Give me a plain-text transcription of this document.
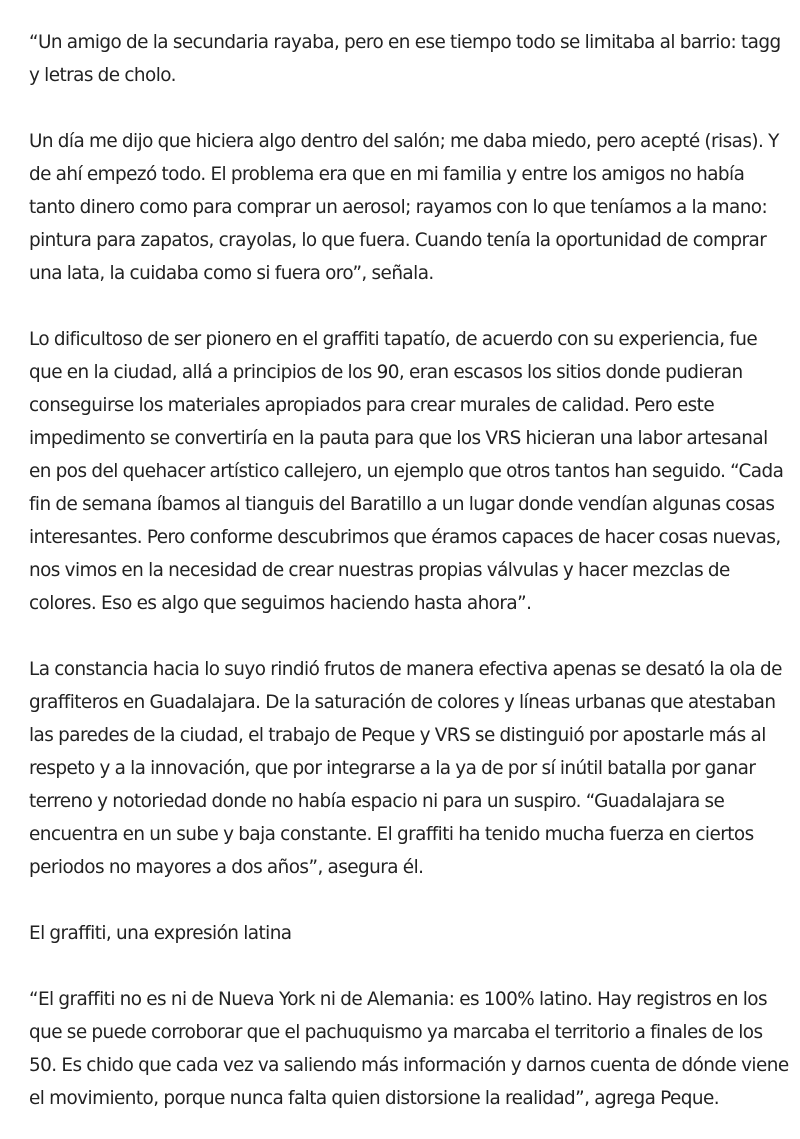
“Un amigo de la secundaria rayaba, pero en ese tiempo todo se limitaba al barrio: tagg y letras de cholo.

Un día me dijo que hiciera algo dentro del salón; me daba miedo, pero acepté (risas). Y de ahí empezó todo. El problema era que en mi familia y entre los amigos no había tanto dinero como para comprar un aerosol; rayamos con lo que teníamos a la mano: pintura para zapatos, crayolas, lo que fuera. Cuando tenía la oportunidad de comprar una lata, la cuidaba como si fuera oro”, señala.

Lo dificultoso de ser pionero en el graffiti tapatío, de acuerdo con su experiencia, fue que en la ciudad, allá a principios de los 90, eran escasos los sitios donde pudieran conseguirse los materiales apropiados para crear murales de calidad. Pero este impedimento se convertiría en la pauta para que los VRS hicieran una labor artesanal en pos del quehacer artístico callejero, un ejemplo que otros tantos han seguido. “Cada fin de semana íbamos al tianguis del Baratillo a un lugar donde vendían algunas cosas interesantes. Pero conforme descubrimos que éramos capaces de hacer cosas nuevas, nos vimos en la necesidad de crear nuestras propias válvulas y hacer mezclas de colores. Eso es algo que seguimos haciendo hasta ahora”.

La constancia hacia lo suyo rindió frutos de manera efectiva apenas se desató la ola de graffiteros en Guadalajara. De la saturación de colores y líneas urbanas que atestaban las paredes de la ciudad, el trabajo de Peque y VRS se distinguió por apostarle más al respeto y a la innovación, que por integrarse a la ya de por sí inútil batalla por ganar terreno y notoriedad donde no había espacio ni para un suspiro. “Guadalajara se encuentra en un sube y baja constante. El graffiti ha tenido mucha fuerza en ciertos periodos no mayores a dos años”, asegura él.

El graffiti, una expresión latina

“El graffiti no es ni de Nueva York ni de Alemania: es 100% latino. Hay registros en los que se puede corroborar que el pachuquismo ya marcaba el territorio a finales de los 50. Es chido que cada vez va saliendo más información y darnos cuenta de dónde viene el movimiento, porque nunca falta quien distorsione la realidad”, agrega Peque.
